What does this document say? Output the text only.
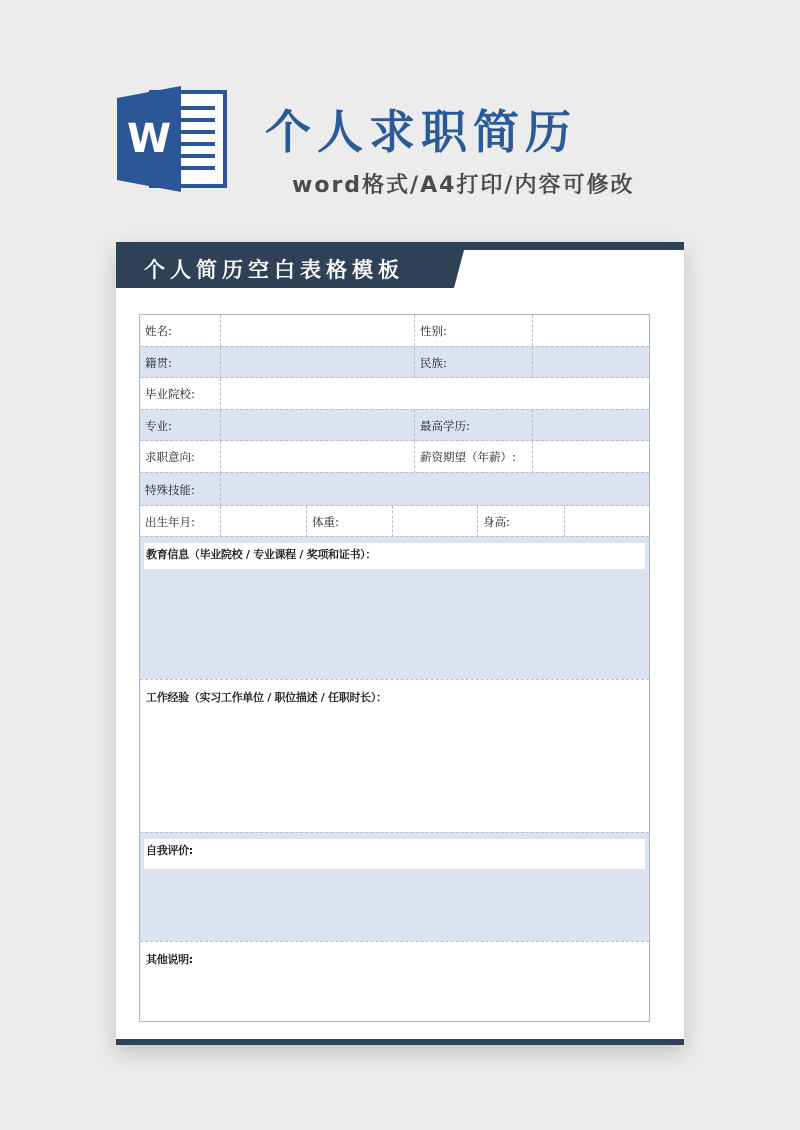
W 个人求职简历
word格式/A4打印/内容可修改
个人简历空白表格模板
姓名:	性别:
籍贯:	民族:
毕业院校:
专业:	最高学历:
求职意向:	薪资期望（年薪）:
特殊技能:
出生年月:	体重:	身高:
教育信息（毕业院校 / 专业课程 / 奖项和证书）：
工作经验（实习工作单位 / 职位描述 / 任职时长）：
自我评价:
其他说明:
